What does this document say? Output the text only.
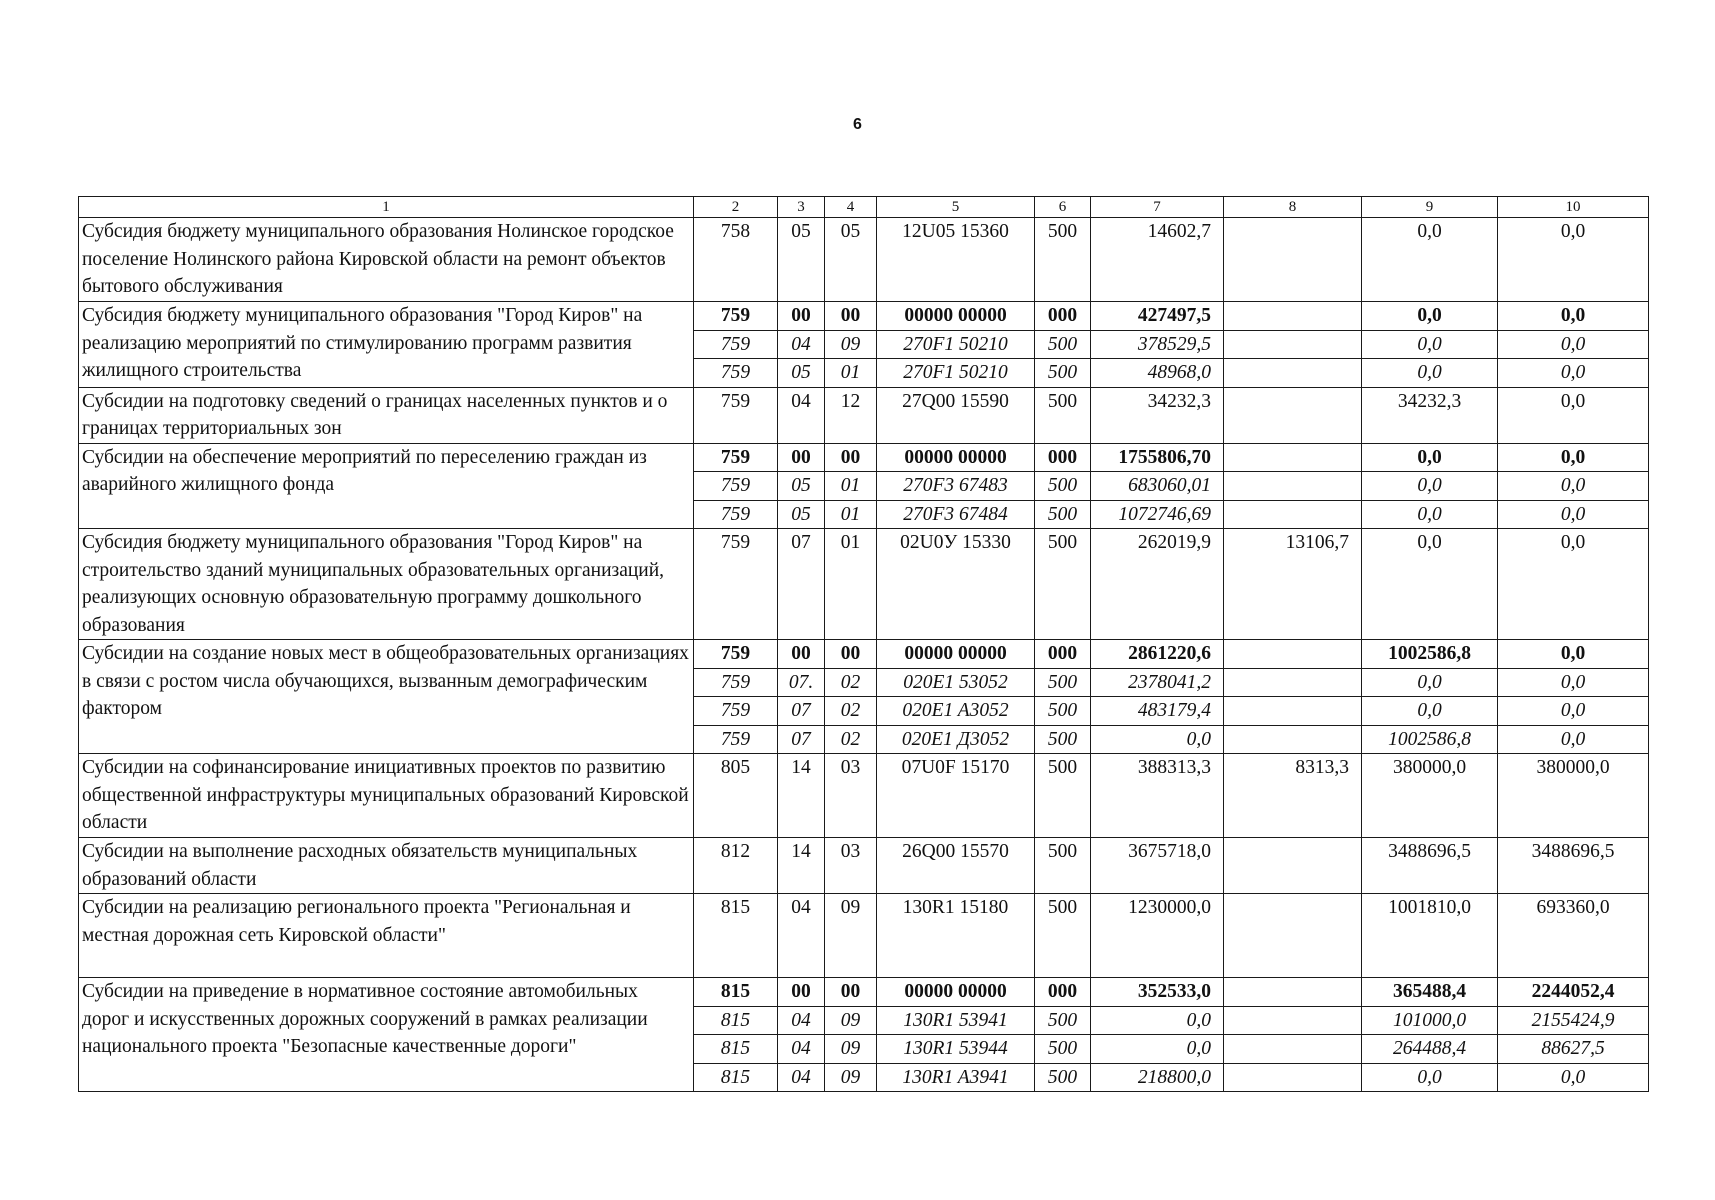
6
1	2	3	4	5	6	7	8	9	10
Субсидия бюджету муниципального образования Нолинское городское поселение Нолинского района Кировской области на ремонт объектов бытового обслуживания	758	05	05	12U05 15360	500	14602,7		0,0	0,0
Субсидия бюджету муниципального образования "Город Киров" на реализацию мероприятий по стимулированию программ развития жилищного строительства	759	00	00	00000 00000	000	427497,5		0,0	0,0
	759	04	09	270F1 50210	500	378529,5		0,0	0,0
	759	05	01	270F1 50210	500	48968,0		0,0	0,0
Субсидии на подготовку сведений о границах населенных пунктов и о границах территориальных зон	759	04	12	27Q00 15590	500	34232,3		34232,3	0,0
Субсидии на обеспечение мероприятий по переселению граждан из аварийного жилищного фонда	759	00	00	00000 00000	000	1755806,70		0,0	0,0
	759	05	01	270F3 67483	500	683060,01		0,0	0,0
	759	05	01	270F3 67484	500	1072746,69		0,0	0,0
Субсидия бюджету муниципального образования "Город Киров" на строительство зданий муниципальных образовательных организаций, реализующих основную образовательную программу дошкольного образования	759	07	01	02U0У 15330	500	262019,9	13106,7	0,0	0,0
Субсидии на создание новых мест в общеобразовательных организациях в связи с ростом числа обучающихся, вызванным демографическим фактором	759	00	00	00000 00000	000	2861220,6		1002586,8	0,0
	759	07.	02	020E1 53052	500	2378041,2		0,0	0,0
	759	07	02	020E1 A3052	500	483179,4		0,0	0,0
	759	07	02	020E1 Д3052	500	0,0		1002586,8	0,0
Субсидии на софинансирование инициативных проектов по развитию общественной инфраструктуры муниципальных образований Кировской области	805	14	03	07U0F 15170	500	388313,3	8313,3	380000,0	380000,0
Субсидии на выполнение расходных обязательств муниципальных образований области	812	14	03	26Q00 15570	500	3675718,0		3488696,5	3488696,5
Субсидии на реализацию регионального проекта "Региональная и местная дорожная сеть Кировской области"	815	04	09	130R1 15180	500	1230000,0		1001810,0	693360,0
Субсидии на приведение в нормативное состояние автомобильных дорог и искусственных дорожных сооружений в рамках реализации национального проекта "Безопасные качественные дороги"	815	00	00	00000 00000	000	352533,0		365488,4	2244052,4
	815	04	09	130R1 53941	500	0,0		101000,0	2155424,9
	815	04	09	130R1 53944	500	0,0		264488,4	88627,5
	815	04	09	130R1 A3941	500	218800,0		0,0	0,0
